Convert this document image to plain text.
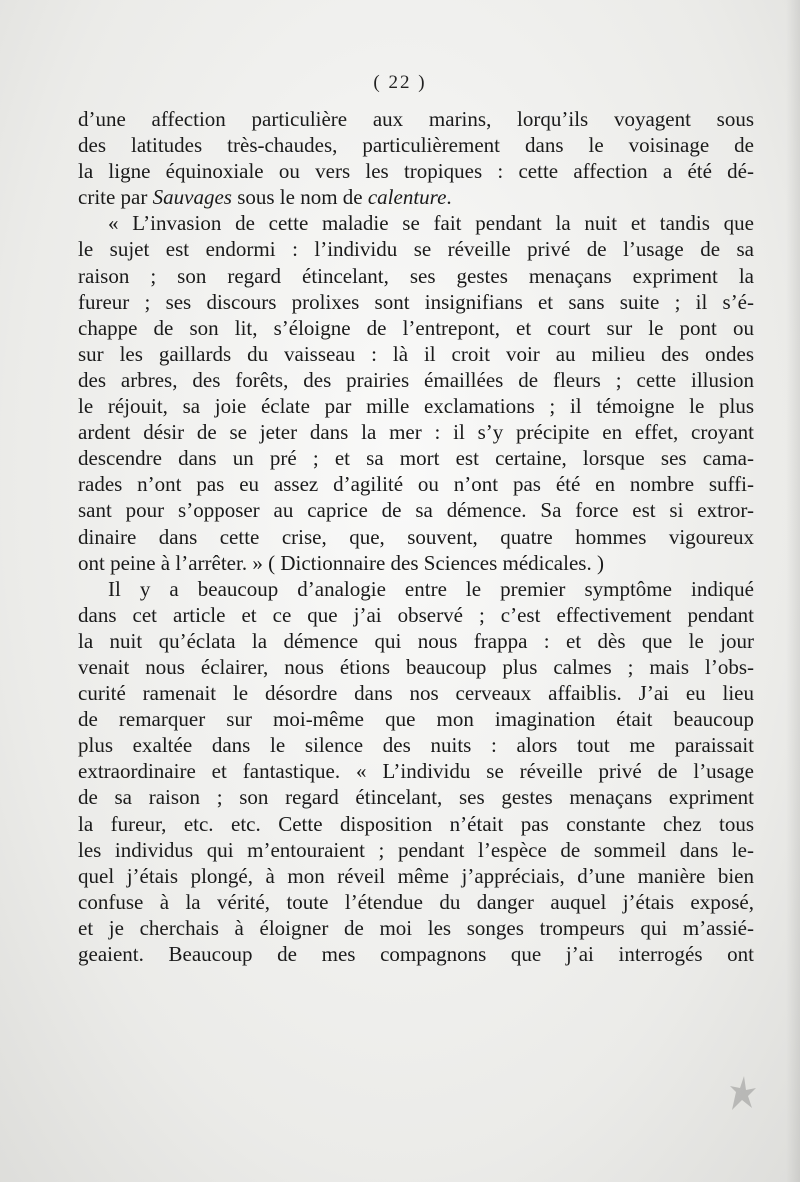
( 22 )
d’une affection particulière aux marins, lorqu’ils voyagent sous
des latitudes très-chaudes, particulièrement dans le voisinage de
la ligne équinoxiale ou vers les tropiques : cette affection a été dé-
crite par Sauvages sous le nom de calenture.
« L’invasion de cette maladie se fait pendant la nuit et tandis que
le sujet est endormi : l’individu se réveille privé de l’usage de sa
raison ; son regard étincelant, ses gestes menaçans expriment la
fureur ; ses discours prolixes sont insignifians et sans suite ; il s’é-
chappe de son lit, s’éloigne de l’entrepont, et court sur le pont ou
sur les gaillards du vaisseau : là il croit voir au milieu des ondes
des arbres, des forêts, des prairies émaillées de fleurs ; cette illusion
le réjouit, sa joie éclate par mille exclamations ; il témoigne le plus
ardent désir de se jeter dans la mer : il s’y précipite en effet, croyant
descendre dans un pré ; et sa mort est certaine, lorsque ses cama-
rades n’ont pas eu assez d’agilité ou n’ont pas été en nombre suffi-
sant pour s’opposer au caprice de sa démence. Sa force est si extror-
dinaire dans cette crise, que, souvent, quatre hommes vigoureux
ont peine à l’arrêter. » ( Dictionnaire des Sciences médicales. )
Il y a beaucoup d’analogie entre le premier symptôme indiqué
dans cet article et ce que j’ai observé ; c’est effectivement pendant
la nuit qu’éclata la démence qui nous frappa : et dès que le jour
venait nous éclairer, nous étions beaucoup plus calmes ; mais l’obs-
curité ramenait le désordre dans nos cerveaux affaiblis. J’ai eu lieu
de remarquer sur moi-même que mon imagination était beaucoup
plus exaltée dans le silence des nuits : alors tout me paraissait
extraordinaire et fantastique. « L’individu se réveille privé de l’usage
de sa raison ; son regard étincelant, ses gestes menaçans expriment
la fureur, etc. etc. Cette disposition n’était pas constante chez tous
les individus qui m’entouraient ; pendant l’espèce de sommeil dans le-
quel j’étais plongé, à mon réveil même j’appréciais, d’une manière bien
confuse à la vérité, toute l’étendue du danger auquel j’étais exposé,
et je cherchais à éloigner de moi les songes trompeurs qui m’assié-
geaient. Beaucoup de mes compagnons que j’ai interrogés ont
